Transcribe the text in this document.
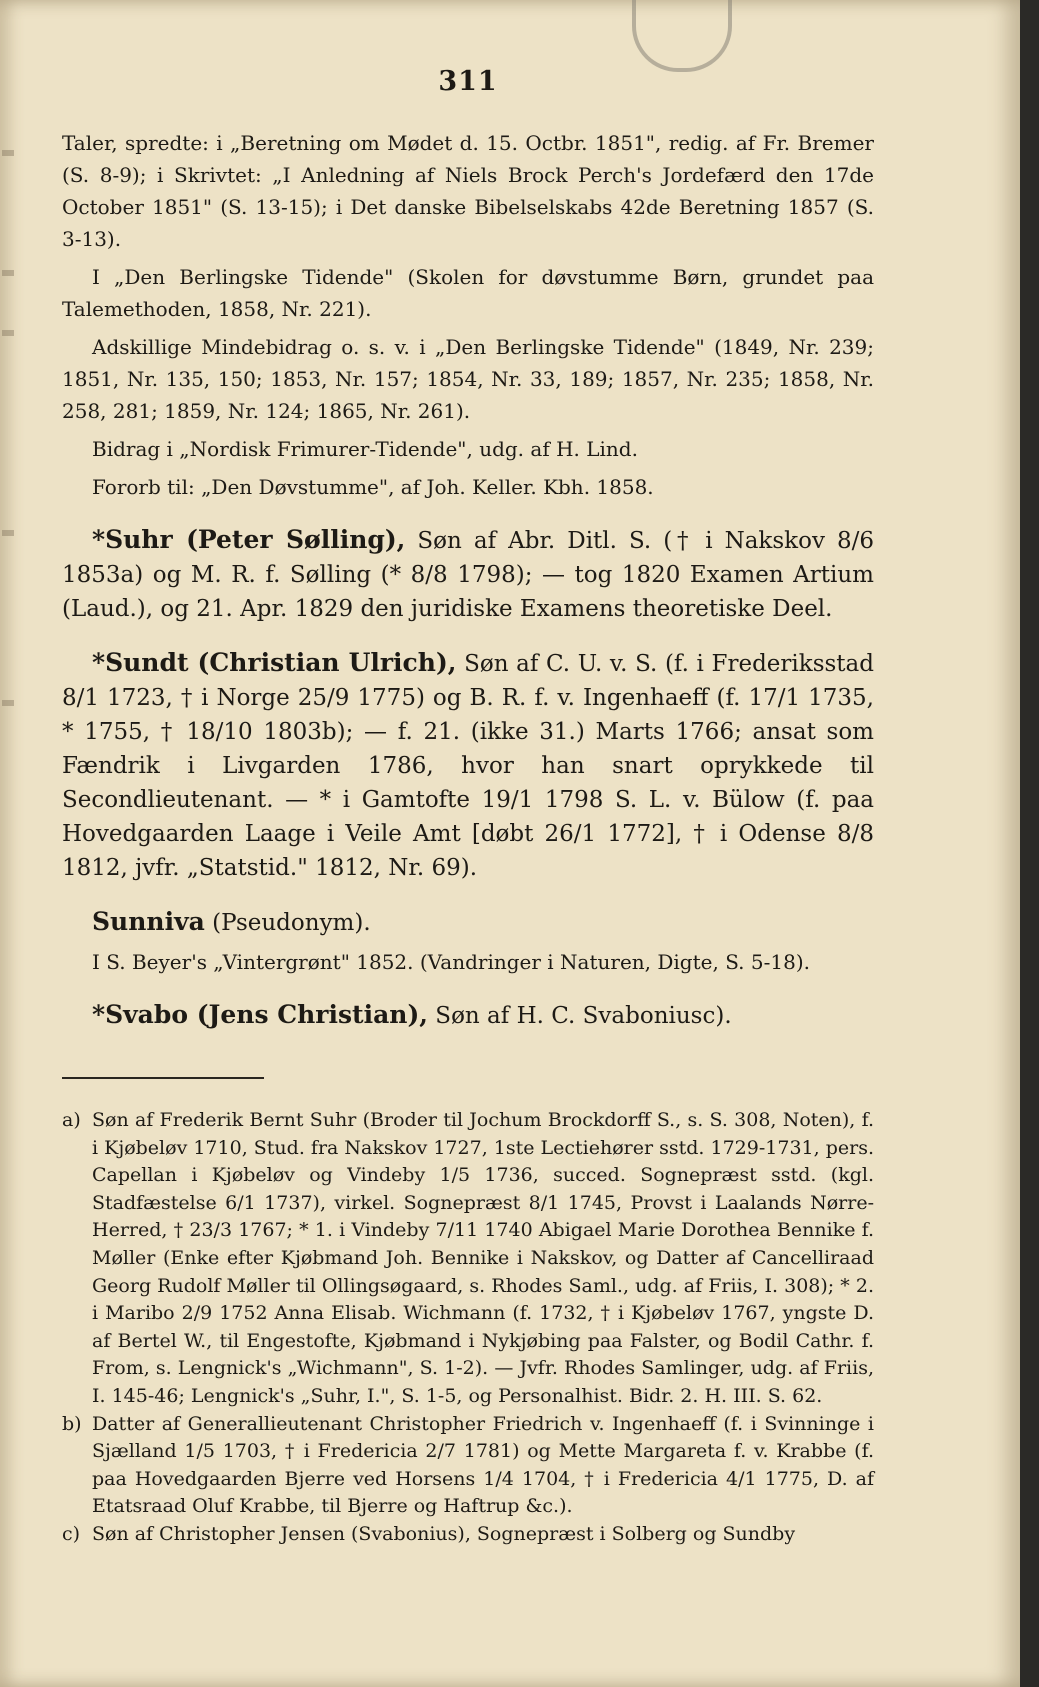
311

Taler, spredte: i „Beretning om Mødet d. 15. Octbr. 1851", redig. af Fr. Bremer (S. 8-9); i Skrivtet: „I Anledning af Niels Brock Perch's Jordefærd den 17de October 1851" (S. 13-15); i Det danske Bibelselskabs 42de Beretning 1857 (S. 3-13).

I „Den Berlingske Tidende" (Skolen for døvstumme Børn, grundet paa Talemethoden, 1858, Nr. 221).

Adskillige Mindebidrag o. s. v. i „Den Berlingske Tidende" (1849, Nr. 239; 1851, Nr. 135, 150; 1853, Nr. 157; 1854, Nr. 33, 189; 1857, Nr. 235; 1858, Nr. 258, 281; 1859, Nr. 124; 1865, Nr. 261).

Bidrag i „Nordisk Frimurer-Tidende", udg. af H. Lind.

Fororb til: „Den Døvstumme", af Joh. Keller. Kbh. 1858.

*Suhr (Peter Sølling), Søn af Abr. Ditl. S. († i Nakskov 8/6 1853a) og M. R. f. Sølling (* 8/8 1798); — tog 1820 Examen Artium (Laud.), og 21. Apr. 1829 den juridiske Examens theoretiske Deel.

*Sundt (Christian Ulrich), Søn af C. U. v. S. (f. i Frederiksstad 8/1 1723, † i Norge 25/9 1775) og B. R. f. v. Ingenhaeff (f. 17/1 1735, * 1755, † 18/10 1803b); — f. 21. (ikke 31.) Marts 1766; ansat som Fændrik i Livgarden 1786, hvor han snart oprykkede til Secondlieutenant. — * i Gamtofte 19/1 1798 S. L. v. Bülow (f. paa Hovedgaarden Laage i Veile Amt [døbt 26/1 1772], † i Odense 8/8 1812, jvfr. „Statstid." 1812, Nr. 69).

Sunniva (Pseudonym).

I S. Beyer's „Vintergrønt" 1852. (Vandringer i Naturen, Digte, S. 5-18).

*Svabo (Jens Christian), Søn af H. C. Svaboniusc).

a) Søn af Frederik Bernt Suhr (Broder til Jochum Brockdorff S., s. S. 308, Noten), f. i Kjøbeløv 1710, Stud. fra Nakskov 1727, 1ste Lectiehører sstd. 1729-1731, pers. Capellan i Kjøbeløv og Vindeby 1/5 1736, succed. Sognepræst sstd. (kgl. Stadfæstelse 6/1 1737), virkel. Sognepræst 8/1 1745, Provst i Laalands Nørre-Herred, † 23/3 1767; * 1. i Vindeby 7/11 1740 Abigael Marie Dorothea Bennike f. Møller (Enke efter Kjøbmand Joh. Bennike i Nakskov, og Datter af Cancelliraad Georg Rudolf Møller til Ollingsøgaard, s. Rhodes Saml., udg. af Friis, I. 308); * 2. i Maribo 2/9 1752 Anna Elisab. Wichmann (f. 1732, † i Kjøbeløv 1767, yngste D. af Bertel W., til Engestofte, Kjøbmand i Nykjøbing paa Falster, og Bodil Cathr. f. From, s. Lengnick's „Wichmann", S. 1-2). — Jvfr. Rhodes Samlinger, udg. af Friis, I. 145-46; Lengnick's „Suhr, I.", S. 1-5, og Personalhist. Bidr. 2. H. III. S. 62.
b) Datter af Generallieutenant Christopher Friedrich v. Ingenhaeff (f. i Svinninge i Sjælland 1/5 1703, † i Fredericia 2/7 1781) og Mette Margareta f. v. Krabbe (f. paa Hovedgaarden Bjerre ved Horsens 1/4 1704, † i Fredericia 4/1 1775, D. af Etatsraad Oluf Krabbe, til Bjerre og Haftrup &c.).
c) Søn af Christopher Jensen (Svabonius), Sognepræst i Solberg og Sundby
